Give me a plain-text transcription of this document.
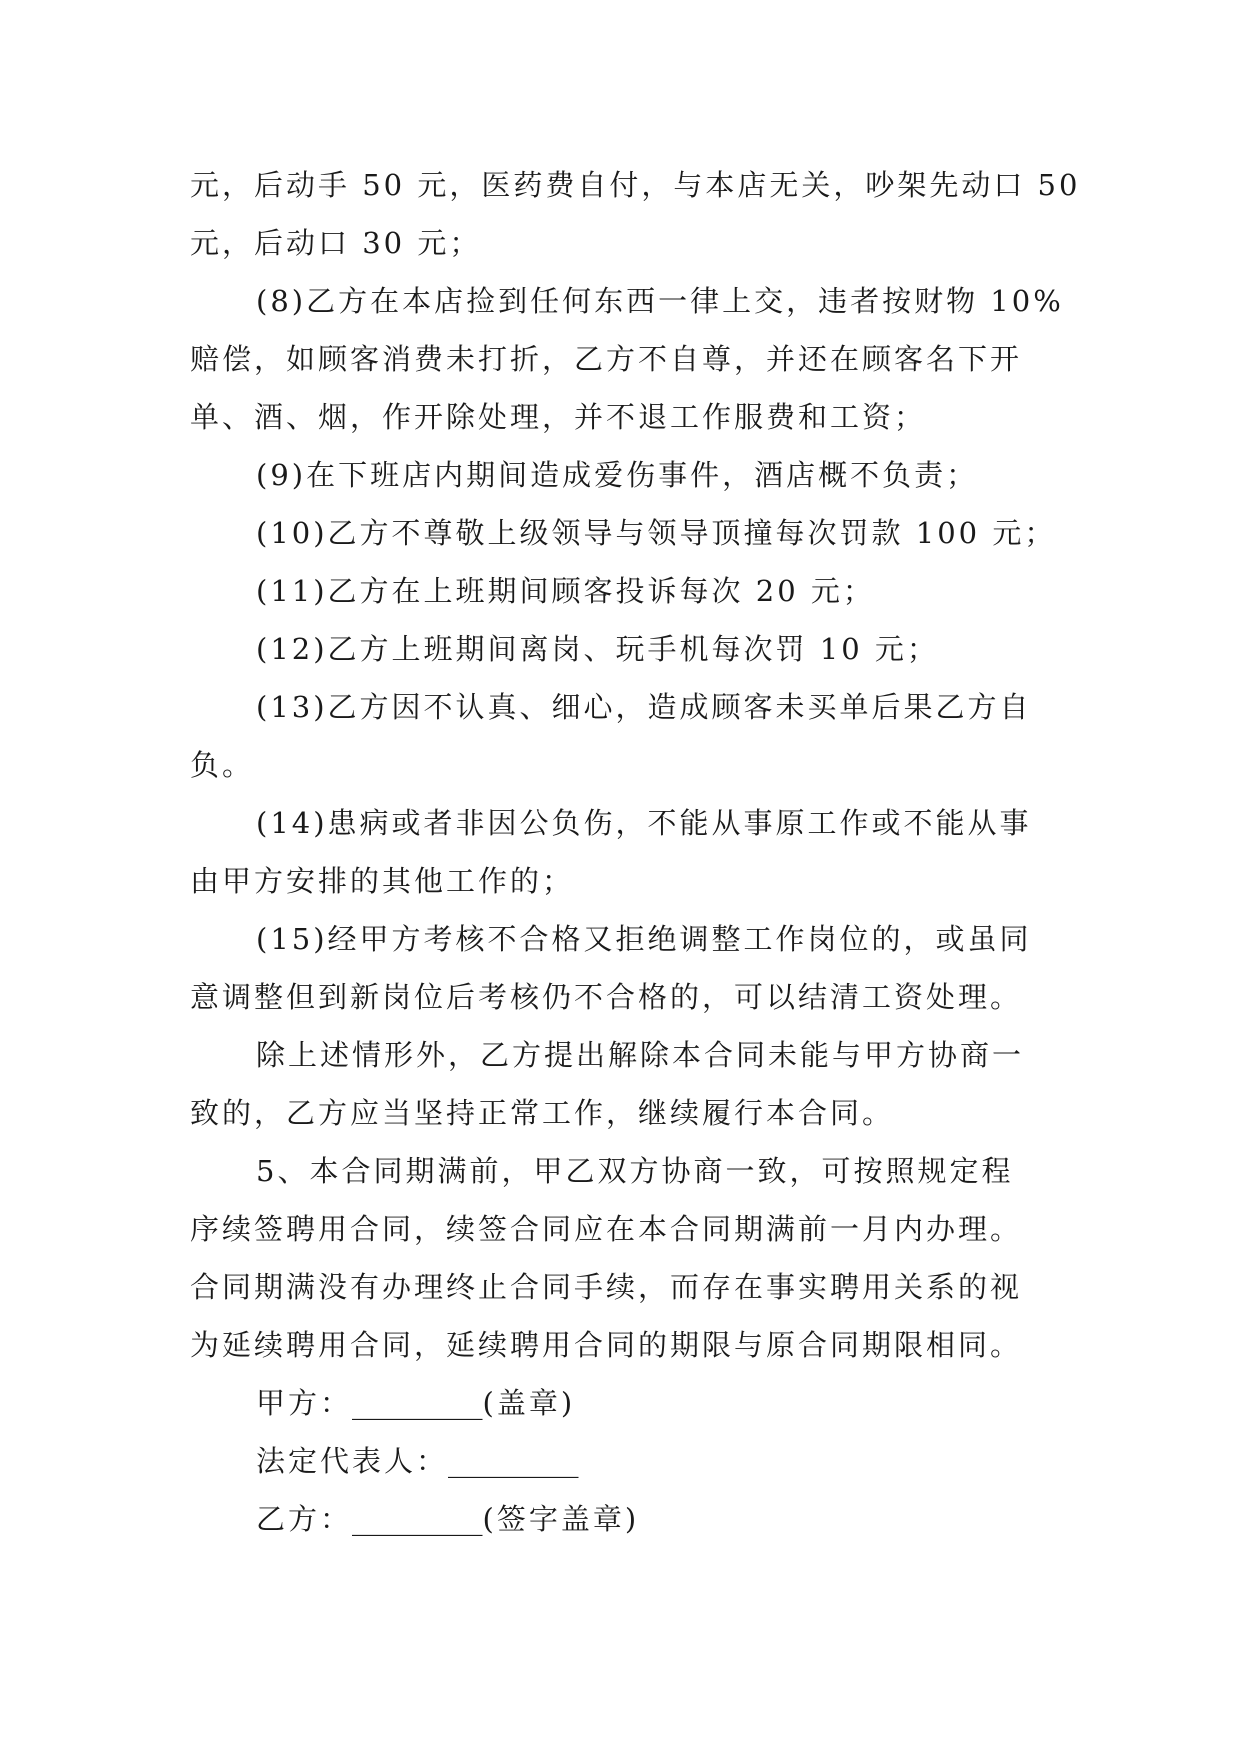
元，后动手 50 元，医药费自付，与本店无关，吵架先动口 50
元，后动口 30 元；
(8)乙方在本店捡到任何东西一律上交，违者按财物 10%
赔偿，如顾客消费未打折，乙方不自尊，并还在顾客名下开
单、酒、烟，作开除处理，并不退工作服费和工资；
(9)在下班店内期间造成爱伤事件，酒店概不负责；
(10)乙方不尊敬上级领导与领导顶撞每次罚款 100 元；
(11)乙方在上班期间顾客投诉每次 20 元；
(12)乙方上班期间离岗、玩手机每次罚 10 元；
(13)乙方因不认真、细心，造成顾客未买单后果乙方自
负。
(14)患病或者非因公负伤，不能从事原工作或不能从事
由甲方安排的其他工作的；
(15)经甲方考核不合格又拒绝调整工作岗位的，或虽同
意调整但到新岗位后考核仍不合格的，可以结清工资处理。
除上述情形外，乙方提出解除本合同未能与甲方协商一
致的，乙方应当坚持正常工作，继续履行本合同。
5、本合同期满前，甲乙双方协商一致，可按照规定程
序续签聘用合同，续签合同应在本合同期满前一月内办理。
合同期满没有办理终止合同手续，而存在事实聘用关系的视
为延续聘用合同，延续聘用合同的期限与原合同期限相同。
甲方：_________(盖章)
法定代表人：_________
乙方：_________(签字盖章)
